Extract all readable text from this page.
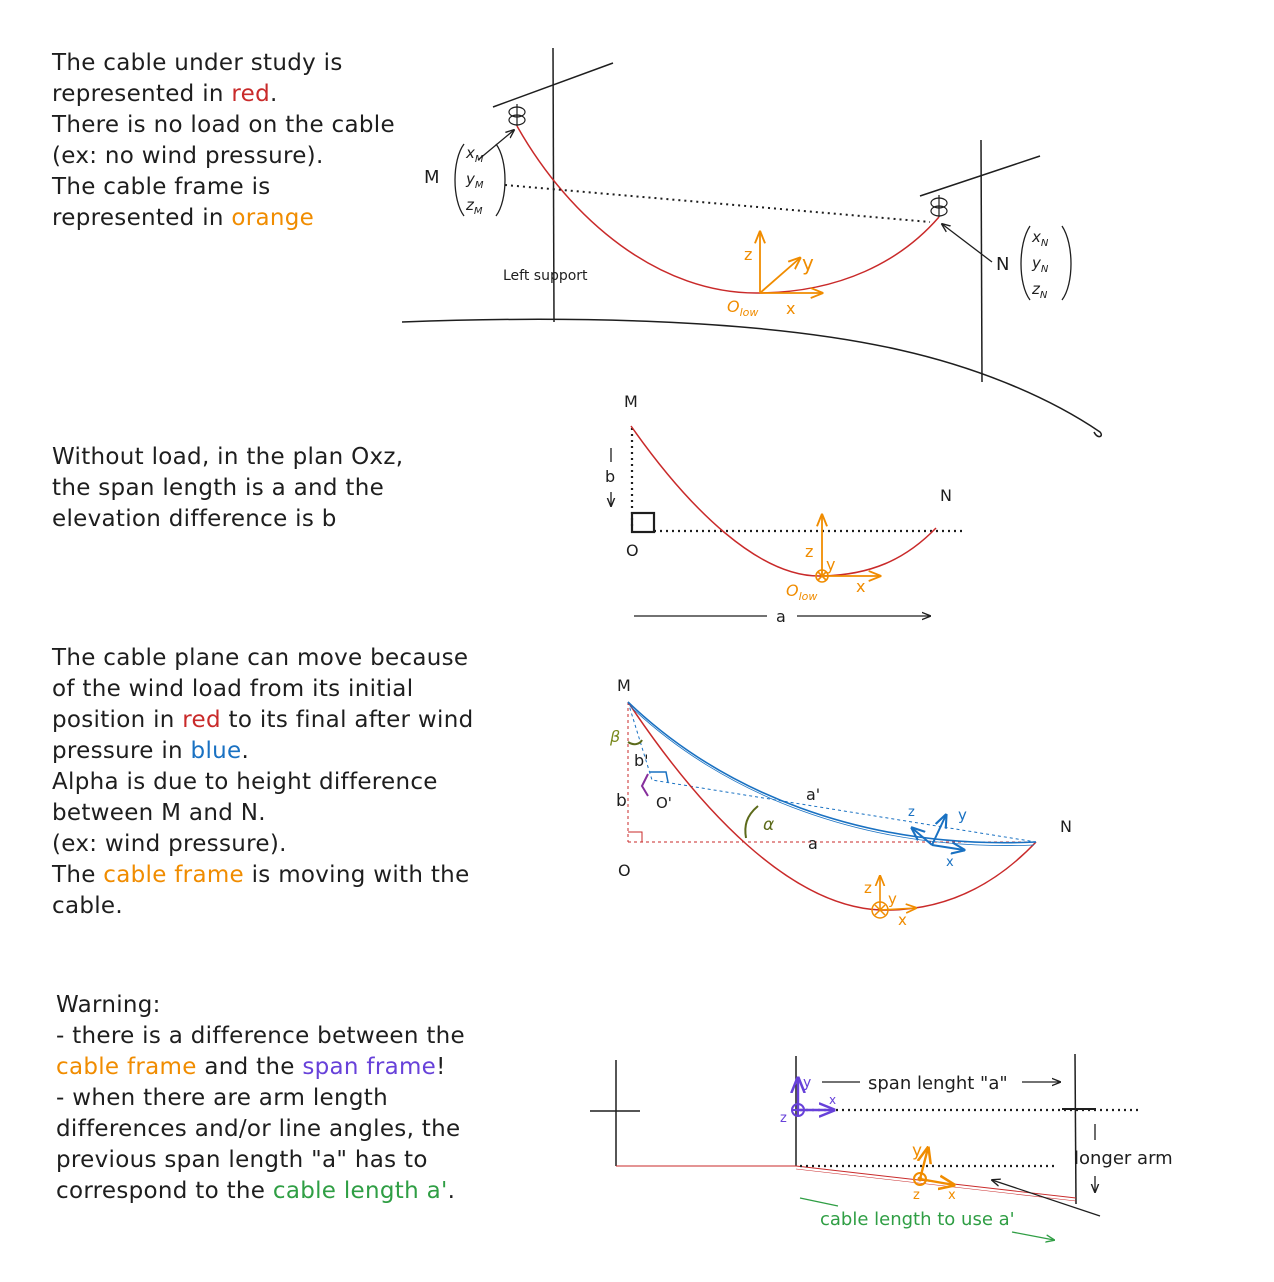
The cable under study is
represented in red.
There is no load on the cable
(ex: no wind pressure).
The cable frame is
represented in orange
Without load, in the plan Oxz,
the span length is a and the
elevation difference is b
The cable plane can move because
of the wind load from its initial
position in red to its final after wind
pressure in blue.
Alpha is due to height difference
between M and N.
(ex: wind pressure).
The cable frame is moving with the
cable.
Warning:
- there is a difference between the
cable frame and the span frame!
- when there are arm length
differences and/or line angles, the
previous span length "a" has to
correspond to the cable length a'.
M
$x_M$
$y_M$
$z_M$
N
$x_N$
$y_N$
$z_N$
Left support
z y
x
$O_{low}$
M
N
O
b
a
z
y
x
$O_{low}$
M
N
O
O'
β
α
b'
b	a'
a
z	y
x
z
y
x
span lenght "a"
longer arm
cable length to use a'
y
z
x
y
z x
